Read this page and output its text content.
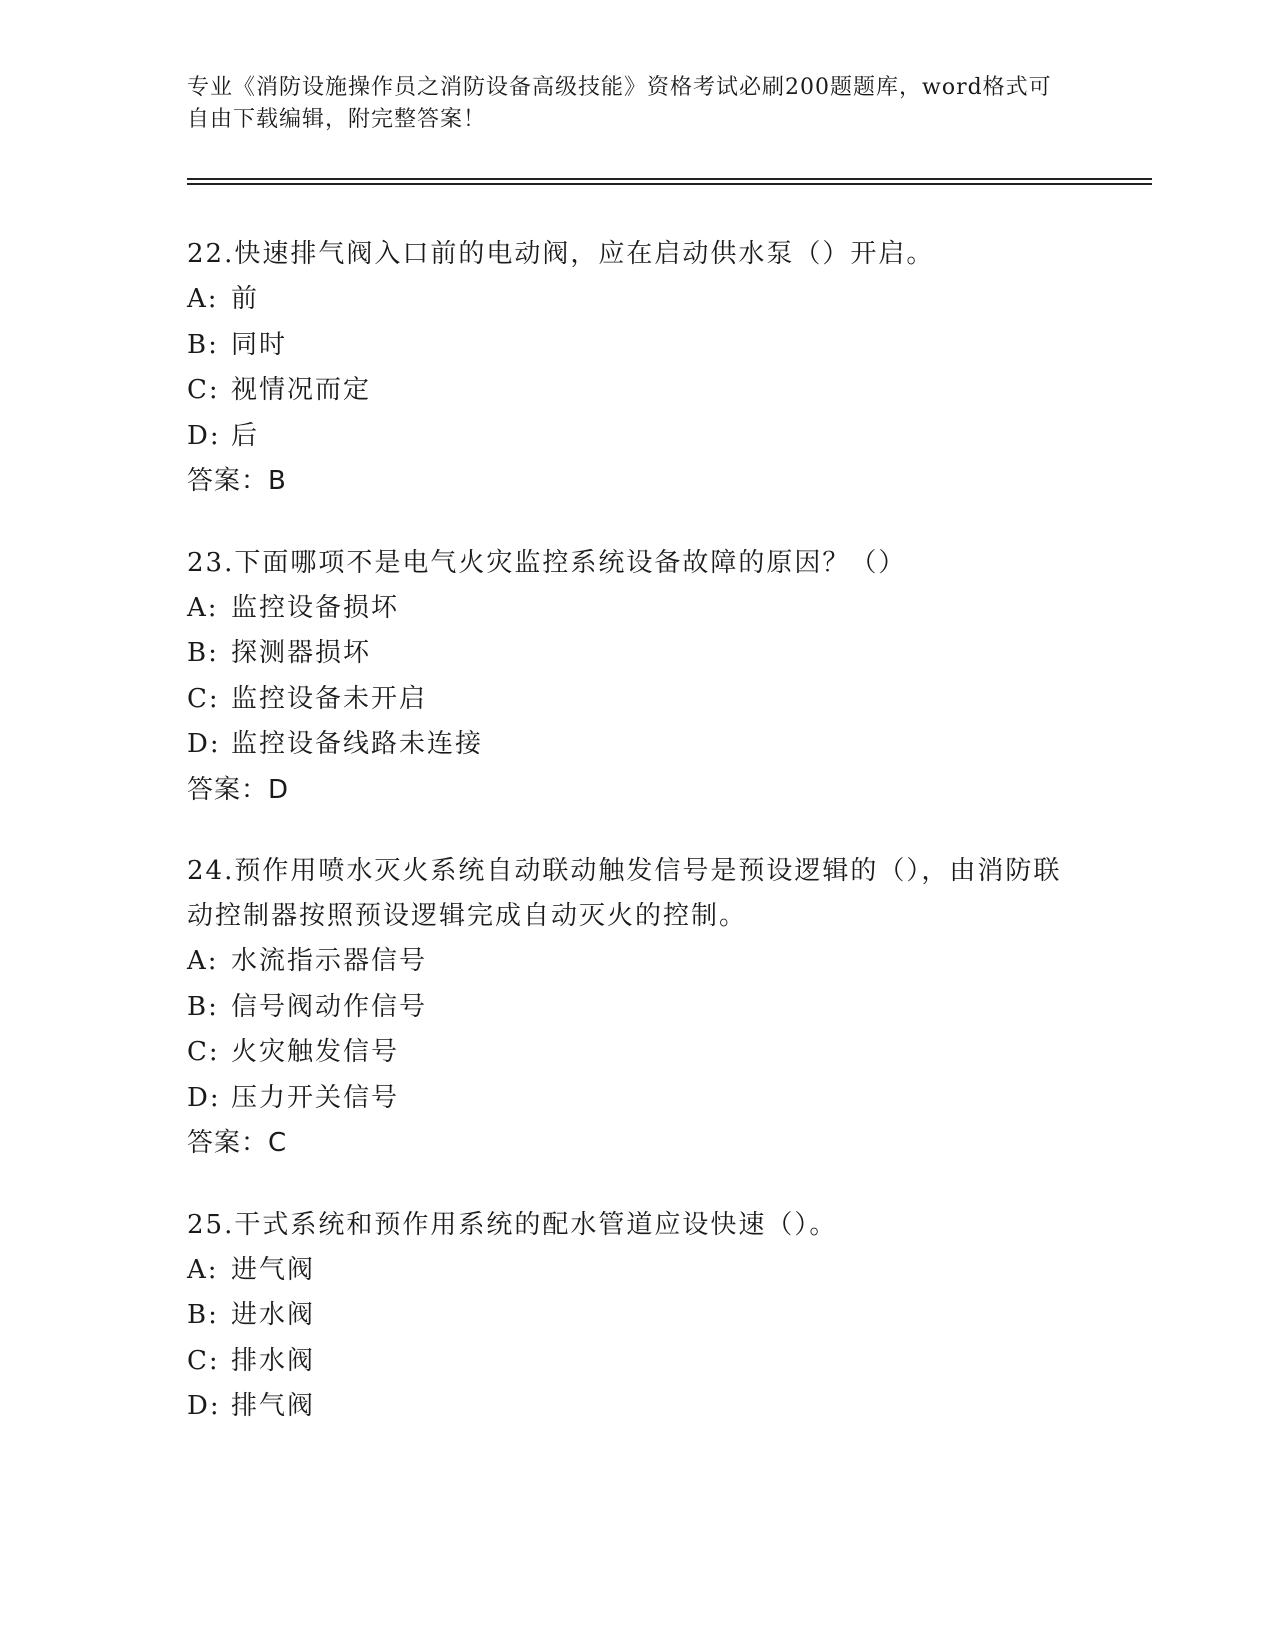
专业《消防设施操作员之消防设备高级技能》资格考试必刷200题题库，word格式可自由下载编辑，附完整答案！

22.快速排气阀入口前的电动阀，应在启动供水泵（）开启。

A: 前

B: 同时

C: 视情况而定

D: 后

答案：B

23.下面哪项不是电气火灾监控系统设备故障的原因？（）

A: 监控设备损坏

B: 探测器损坏

C: 监控设备未开启

D: 监控设备线路未连接

答案：D

24.预作用喷水灭火系统自动联动触发信号是预设逻辑的（），由消防联动控制器按照预设逻辑完成自动灭火的控制。

A: 水流指示器信号

B: 信号阀动作信号

C: 火灾触发信号

D: 压力开关信号

答案：C

25.干式系统和预作用系统的配水管道应设快速（）。

A: 进气阀

B: 进水阀

C: 排水阀

D: 排气阀
